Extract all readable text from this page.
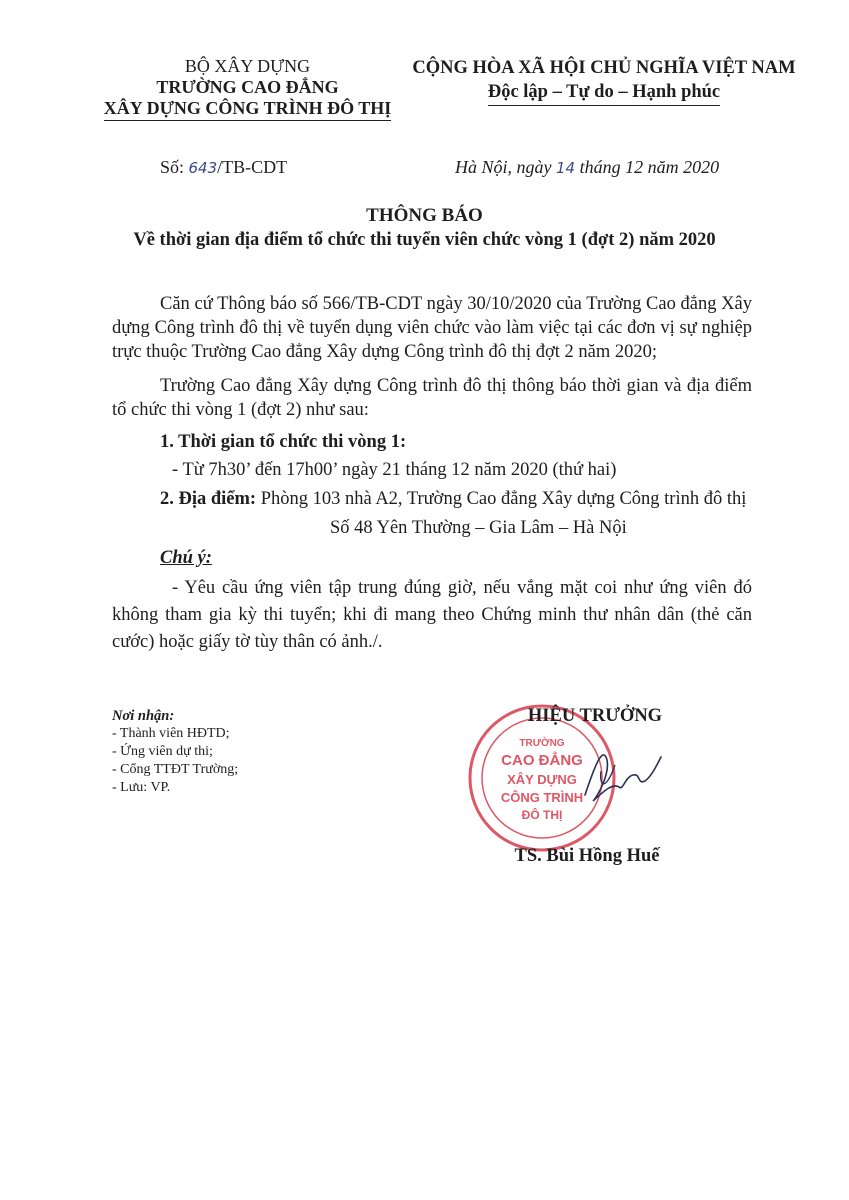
BỘ XÂY DỰNG
TRƯỜNG CAO ĐẲNG
XÂY DỰNG CÔNG TRÌNH ĐÔ THỊ
CỘNG HÒA XÃ HỘI CHỦ NGHĨA VIỆT NAM
Độc lập – Tự do – Hạnh phúc
Số: 643/TB-CDT	Hà Nội, ngày 14 tháng 12 năm 2020
THÔNG BÁO
Về thời gian địa điểm tổ chức thi tuyển viên chức vòng 1 (đợt 2) năm 2020
Căn cứ Thông báo số 566/TB-CDT ngày 30/10/2020 của Trường Cao đẳng Xây dựng Công trình đô thị về tuyển dụng viên chức vào làm việc tại các đơn vị sự nghiệp trực thuộc Trường Cao đẳng Xây dựng Công trình đô thị đợt 2 năm 2020;
Trường Cao đẳng Xây dựng Công trình đô thị thông báo thời gian và địa điểm tổ chức thi vòng 1 (đợt 2) như sau:
1. Thời gian tổ chức thi vòng 1:
- Từ 7h30’ đến 17h00’ ngày 21 tháng 12 năm 2020 (thứ hai)
2. Địa điểm: Phòng 103 nhà A2, Trường Cao đẳng Xây dựng Công trình đô thị
Số 48 Yên Thường – Gia Lâm – Hà Nội
Chú ý:
- Yêu cầu ứng viên tập trung đúng giờ, nếu vắng mặt coi như ứng viên đó không tham gia kỳ thi tuyển; khi đi mang theo Chứng minh thư nhân dân (thẻ căn cước) hoặc giấy tờ tùy thân có ảnh./.
Nơi nhận:
- Thành viên HĐTD;
- Ứng viên dự thi;
- Cổng TTĐT Trường;
- Lưu: VP.
TRƯỜNG
CAO ĐẲNG
XÂY DỰNG
CÔNG TRÌNH
ĐÔ THỊ
HIỆU TRƯỞNG
TS. Bùi Hồng Huế
